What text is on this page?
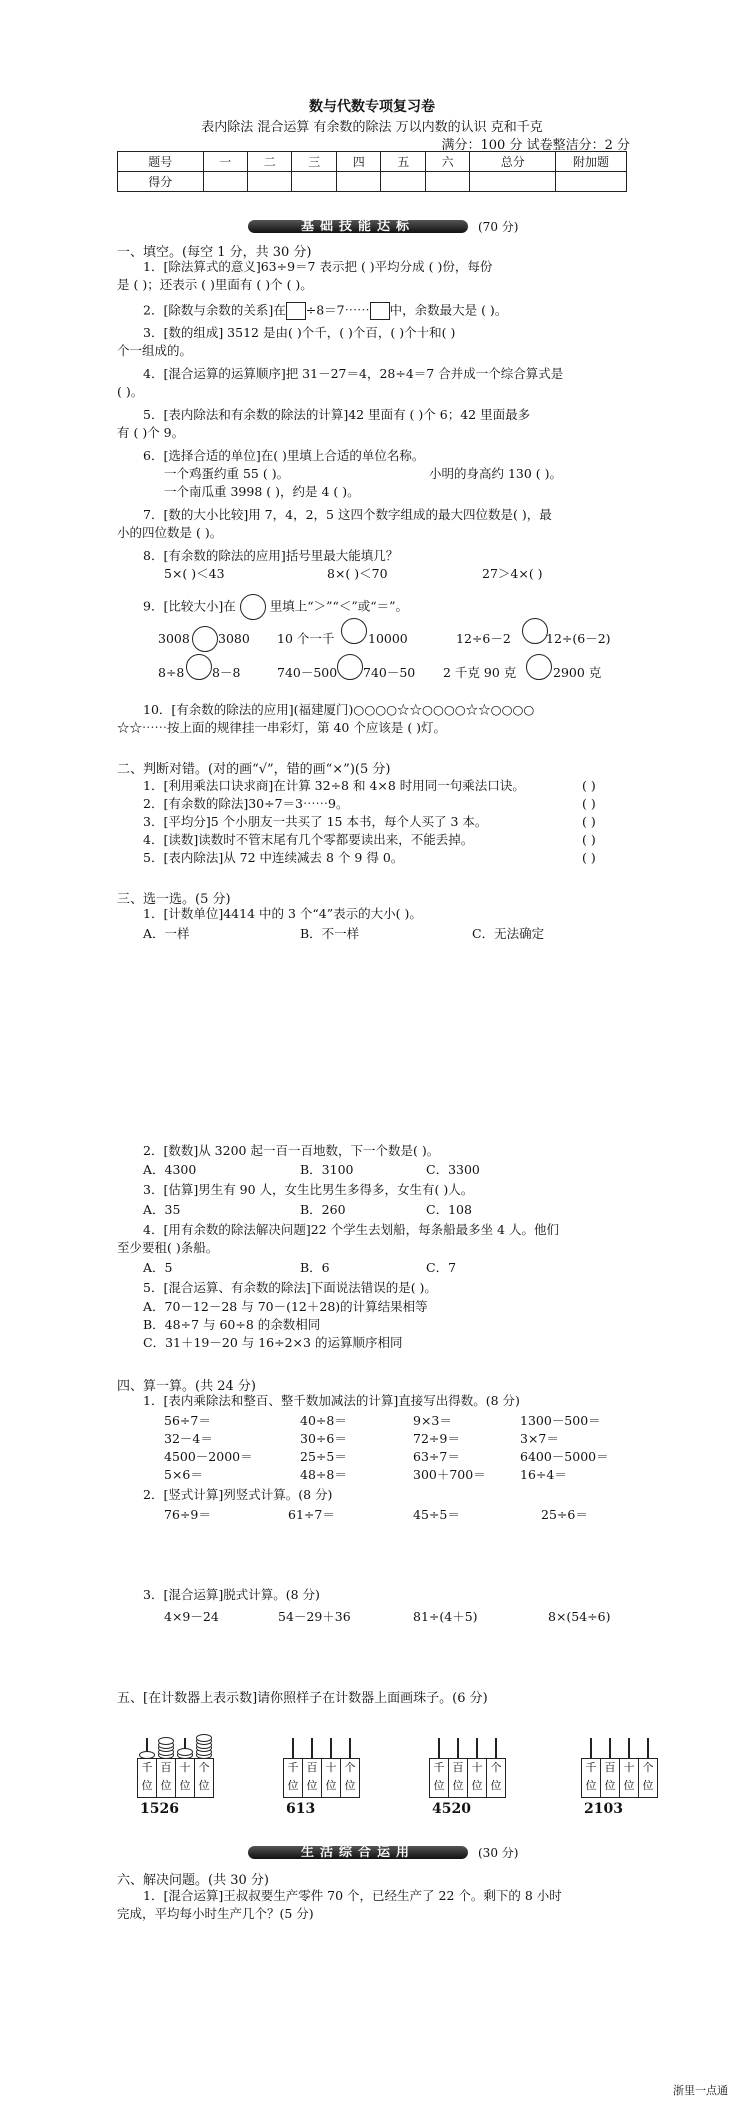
数与代数专项复习卷
表内除法 混合运算 有余数的除法 万以内数的认识 克和千克
满分：100 分 试卷整洁分：2 分
题号	一	二	三	四	五	六	总分	附加题
得分								
基础技能达标	(70 分)
一、填空。(每空 1 分，共 30 分)
1．[除法算式的意义]63÷9＝7 表示把 ( )平均分成 ( )份，每份
是 ( )；还表示 ( )里面有 ( )个 ( )。
2．[除数与余数的关系]在 ÷8＝7⋯⋯ 中，余数最大是 ( )。
3．[数的组成] 3512 是由( )个千，( )个百，( )个十和( )
个一组成的。
4．[混合运算的运算顺序]把 31－27＝4，28÷4＝7 合并成一个综合算式是
( )。
5．[表内除法和有余数的除法的计算]42 里面有 ( )个 6；42 里面最多
有 ( )个 9。
6．[选择合适的单位]在( )里填上合适的单位名称。
一个鸡蛋约重 55 ( )。	小明的身高约 130 ( )。
一个南瓜重 3998 ( )，约是 4 ( )。
7．[数的大小比较]用 7，4，2，5 这四个数字组成的最大四位数是( )，最
小的四位数是 ( )。
8．[有余数的除法的应用]括号里最大能填几？
5×( )＜43	8×( )＜70	27＞4×( )
9．[比较大小]在	里填上“＞”“＜”或“＝”。
3008 3080 10 个一千	10000	12÷6－2	12÷(6－2)
8÷8 8－8	740－500 740－50 2 千克 90 克	2900 克
10．[有余数的除法的应用](福建厦门)○○○○☆☆○○○○☆☆○○○○
☆☆⋯⋯按上面的规律挂一串彩灯，第 40 个应该是 ( )灯。
二、判断对错。(对的画“√”，错的画“×”)(5 分)
1．[利用乘法口诀求商]在计算 32÷8 和 4×8 时用同一句乘法口诀。	( )
2．[有余数的除法]30÷7＝3⋯⋯9。	( )
3．[平均分]5 个小朋友一共买了 15 本书，每个人买了 3 本。	( )
4．[读数]读数时不管末尾有几个零都要读出来，不能丢掉。	( )
5．[表内除法]从 72 中连续减去 8 个 9 得 0。	( )
三、选一选。(5 分)
1．[计数单位]4414 中的 3 个“4”表示的大小( )。
A．一样	B．不一样	C．无法确定
2．[数数]从 3200 起一百一百地数，下一个数是( )。
A．4300	B．3100	C．3300
3．[估算]男生有 90 人，女生比男生多得多，女生有( )人。
A．35	B．260	C．108
4．[用有余数的除法解决问题]22 个学生去划船，每条船最多坐 4 人。他们
至少要租( )条船。
A．5	B．6	C．7
5．[混合运算、有余数的除法]下面说法错误的是( )。
A．70－12－28 与 70－(12＋28)的计算结果相等
B．48÷7 与 60÷8 的余数相同
C．31＋19－20 与 16÷2×3 的运算顺序相同
四、算一算。(共 24 分)
1．[表内乘除法和整百、整千数加减法的计算]直接写出得数。(8 分)
56÷7＝	40÷8＝	9×3＝	1300－500＝
32－4＝	30÷6＝	72÷9＝	3×7＝
4500－2000＝	25÷5＝	63÷7＝	6400－5000＝
5×6＝	48÷8＝	300＋700＝	16÷4＝
2．[竖式计算]列竖式计算。(8 分)
76÷9＝	61÷7＝	45÷5＝	25÷6＝
3．[混合运算]脱式计算。(8 分)
4×9－24	54－29＋36	81÷(4＋5)	8×(54÷6)
五、[在计数器上表示数]请你照样子在计数器上面画珠子。(6 分)
千
位
百
位
十
位
个
位
千
位
百
位
十
位
个
位
千
位
百
位
十
位
个
位
千
位
百
位
十
位
个
位
1526	613	4520	2103
生活综合运用	(30 分)
六、解决问题。(共 30 分)
1．[混合运算]王叔叔要生产零件 70 个，已经生产了 22 个。剩下的 8 小时
完成，平均每小时生产几个？(5 分)
浙里一点通
